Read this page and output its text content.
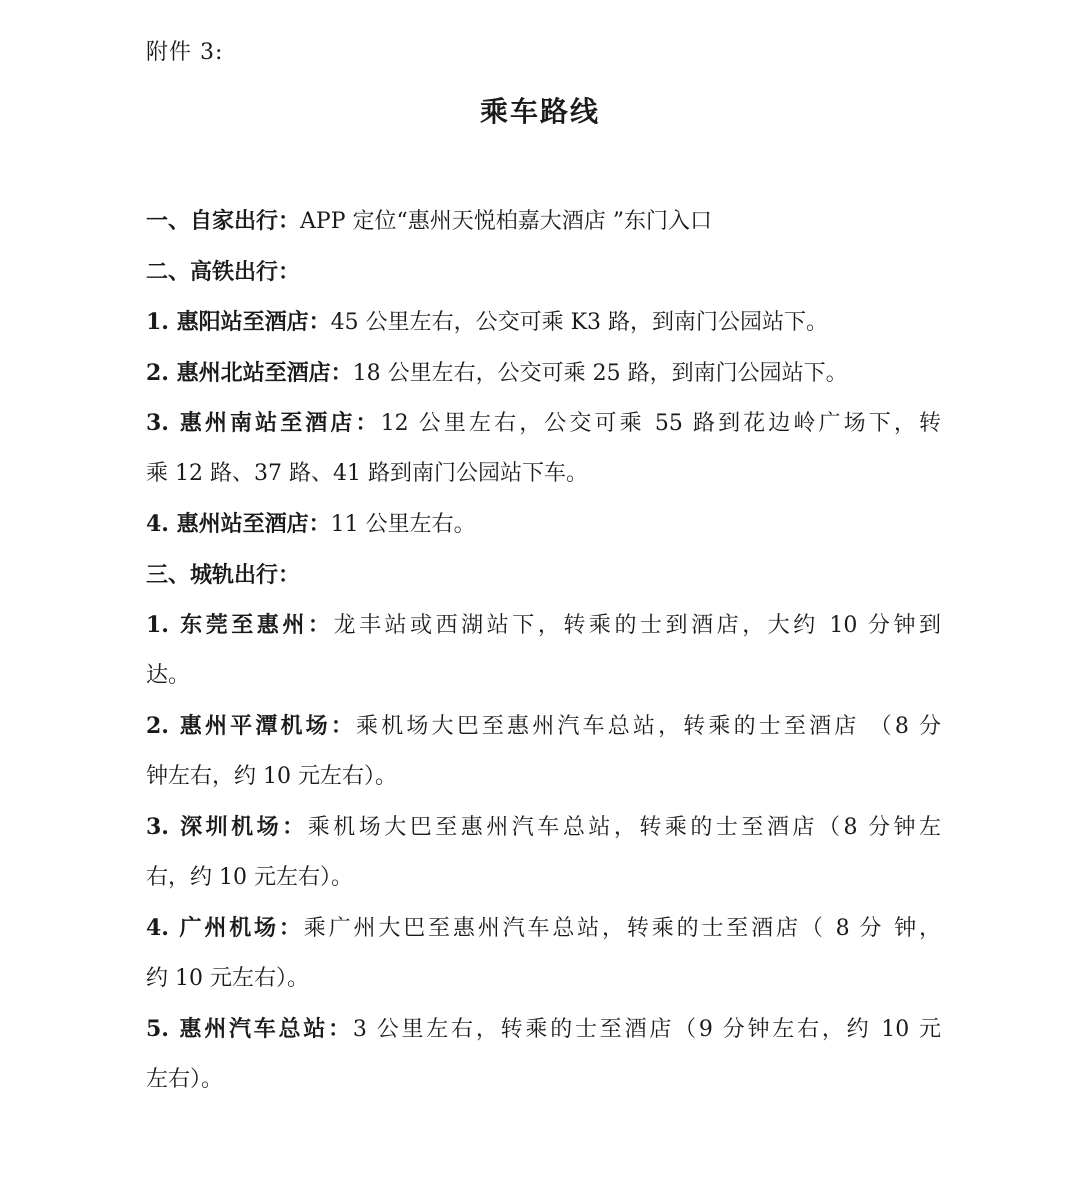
附件 3:
乘车路线
一、自家出行：APP 定位“惠州天悦柏嘉大酒店 ”东门入口
二、高铁出行：
1. 惠阳站至酒店：45 公里左右，公交可乘 K3 路，到南门公园站下。
2. 惠州北站至酒店：18 公里左右，公交可乘 25 路，到南门公园站下。
3. 惠州南站至酒店：12 公里左右，公交可乘 55 路到花边岭广场下，转
乘 12 路、37 路、41 路到南门公园站下车。
4. 惠州站至酒店：11 公里左右。
三、城轨出行：
1. 东莞至惠州：龙丰站或西湖站下，转乘的士到酒店，大约 10 分钟到
达。
2. 惠州平潭机场：乘机场大巴至惠州汽车总站，转乘的士至酒店 （8 分
钟左右，约 10 元左右）。
3. 深圳机场：乘机场大巴至惠州汽车总站，转乘的士至酒店（8 分钟左
右，约 10 元左右）。
4. 广州机场：乘广州大巴至惠州汽车总站，转乘的士至酒店（ 8 分 钟，
约 10 元左右）。
5. 惠州汽车总站：3 公里左右，转乘的士至酒店（9 分钟左右，约 10 元
左右）。
